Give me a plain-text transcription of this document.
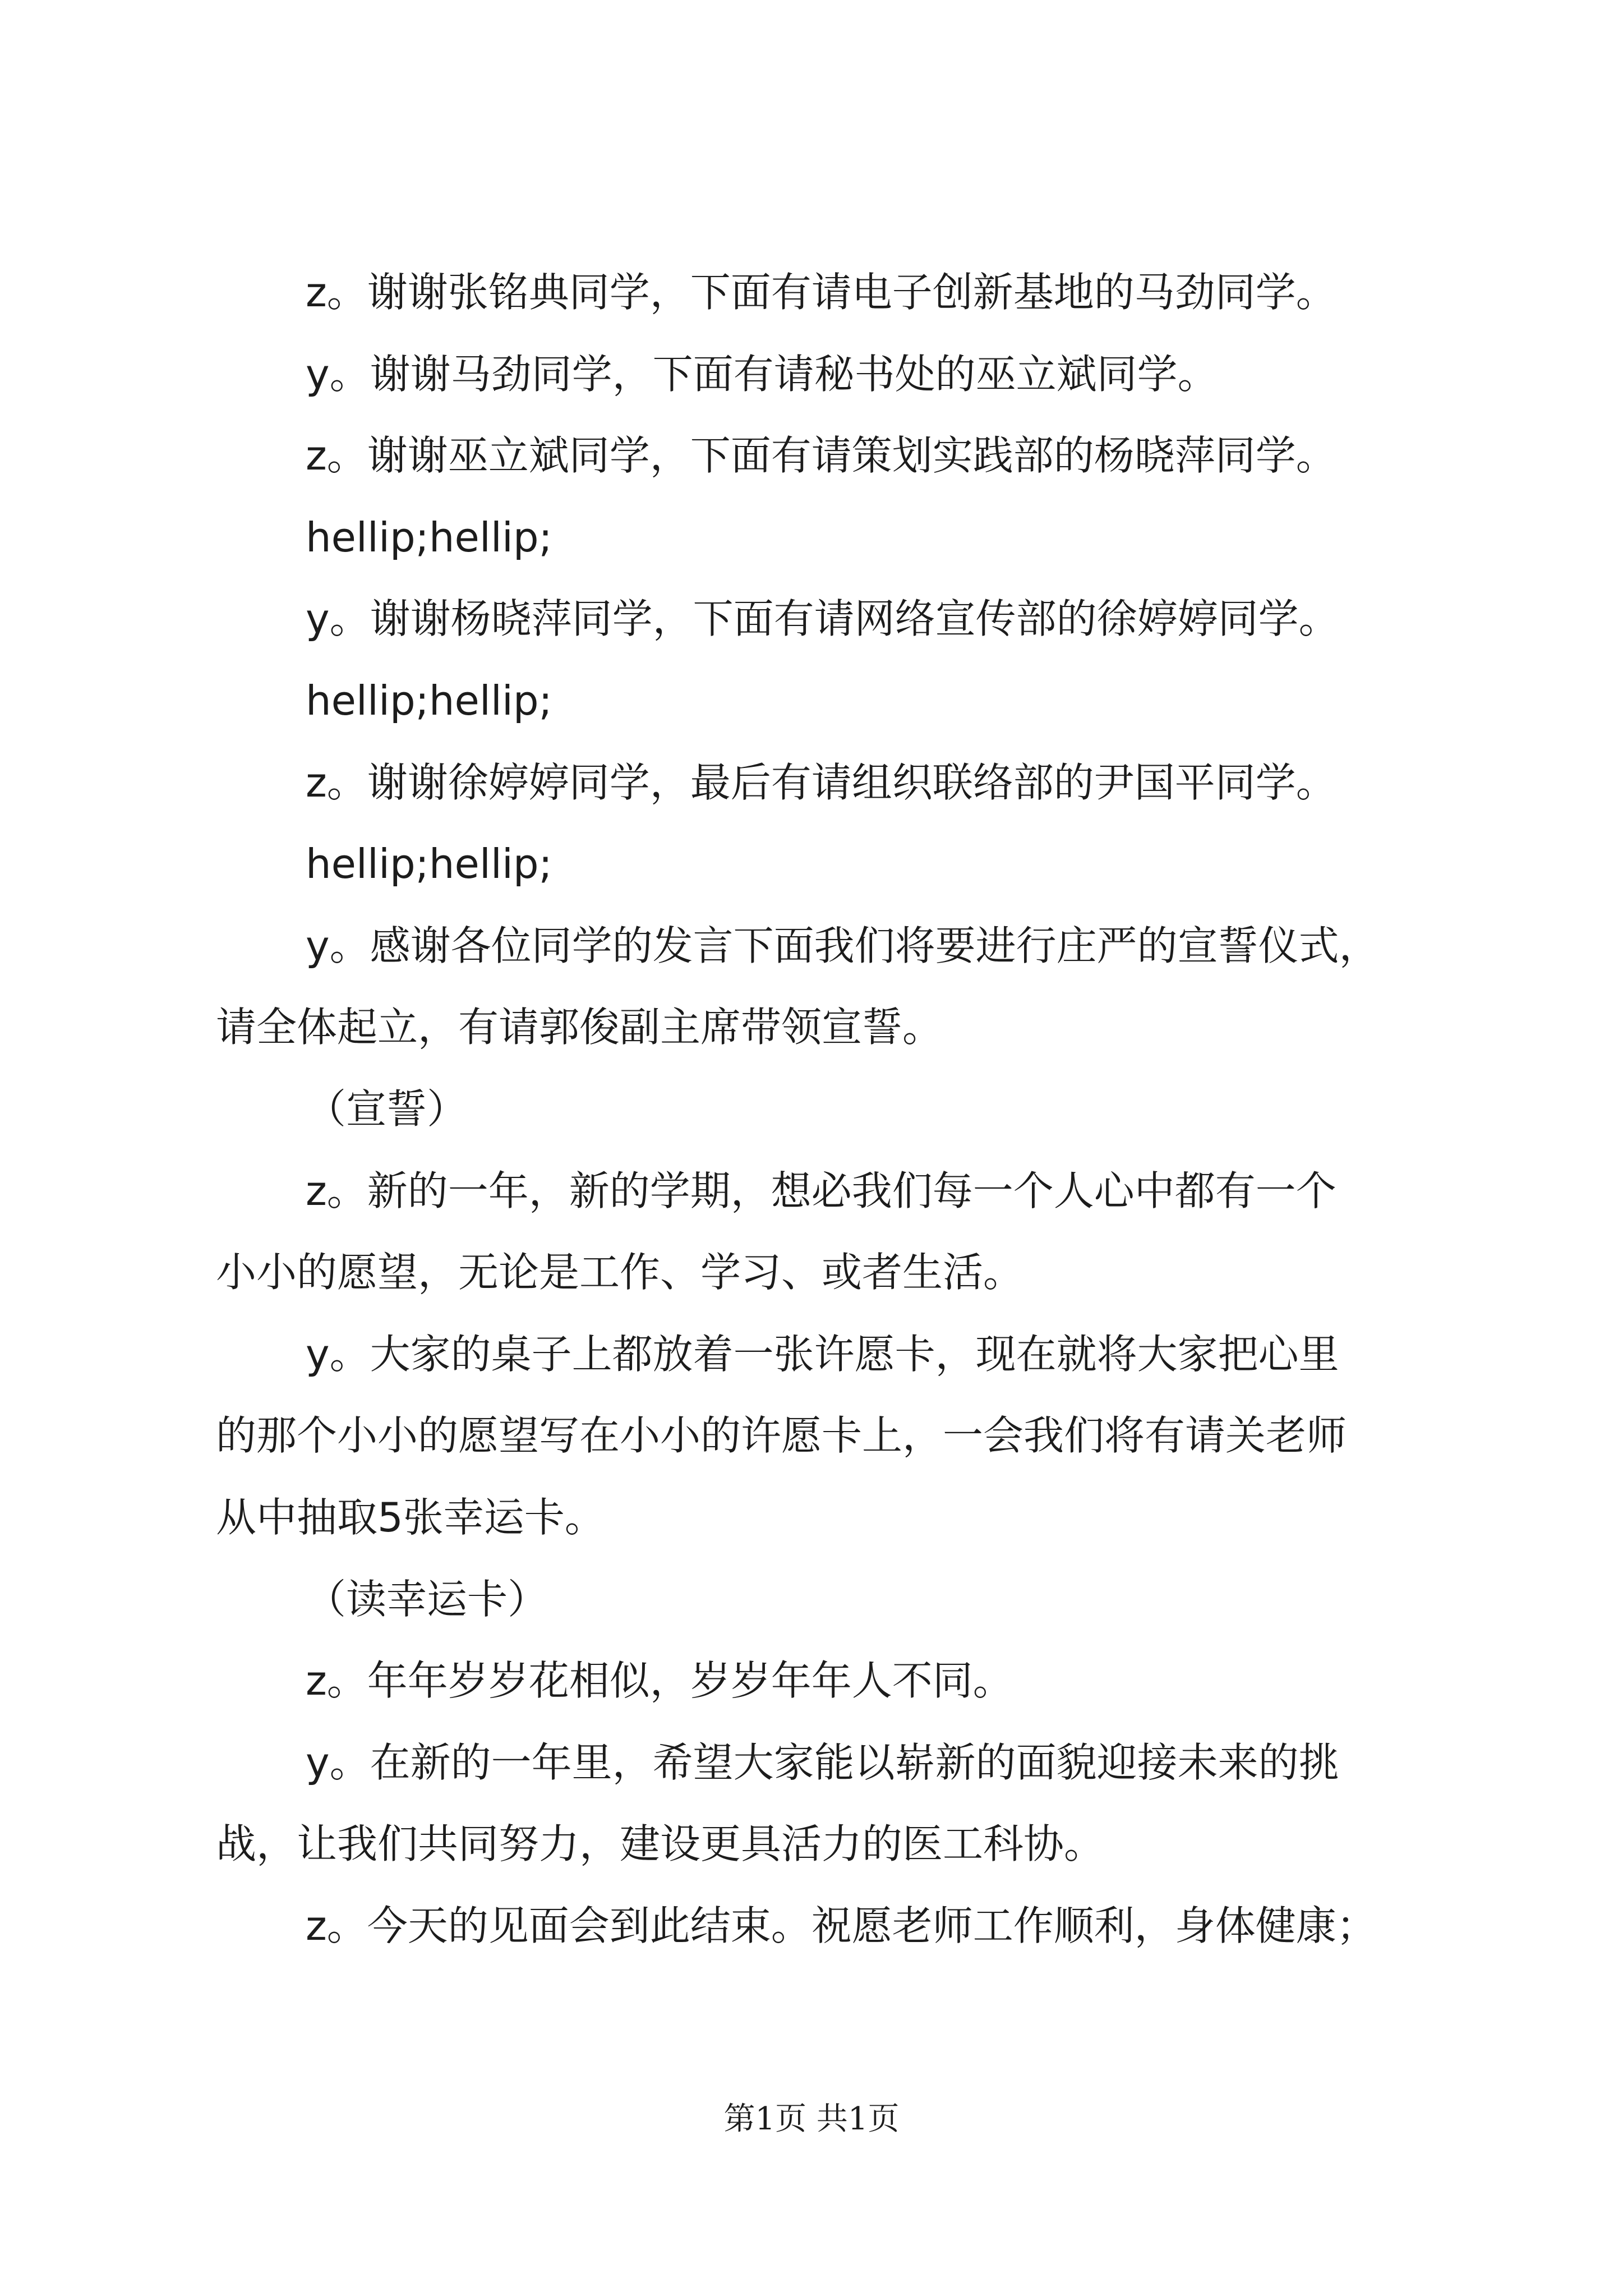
z。谢谢张铭典同学，下面有请电子创新基地的马劲同学。
y。谢谢马劲同学，下面有请秘书处的巫立斌同学。
z。谢谢巫立斌同学，下面有请策划实践部的杨晓萍同学。
hellip;hellip;
y。谢谢杨晓萍同学，下面有请网络宣传部的徐婷婷同学。
hellip;hellip;
z。谢谢徐婷婷同学，最后有请组织联络部的尹国平同学。
hellip;hellip;
y。感谢各位同学的发言下面我们将要进行庄严的宣誓仪式，
请全体起立，有请郭俊副主席带领宣誓。
（宣誓）
z。新的一年，新的学期，想必我们每一个人心中都有一个
小小的愿望，无论是工作、学习、或者生活。
y。大家的桌子上都放着一张许愿卡，现在就将大家把心里
的那个小小的愿望写在小小的许愿卡上，一会我们将有请关老师
从中抽取5张幸运卡。
（读幸运卡）
z。年年岁岁花相似，岁岁年年人不同。
y。在新的一年里，希望大家能以崭新的面貌迎接未来的挑
战，让我们共同努力，建设更具活力的医工科协。
z。今天的见面会到此结束。祝愿老师工作顺利，身体健康；
第1页 共1页
